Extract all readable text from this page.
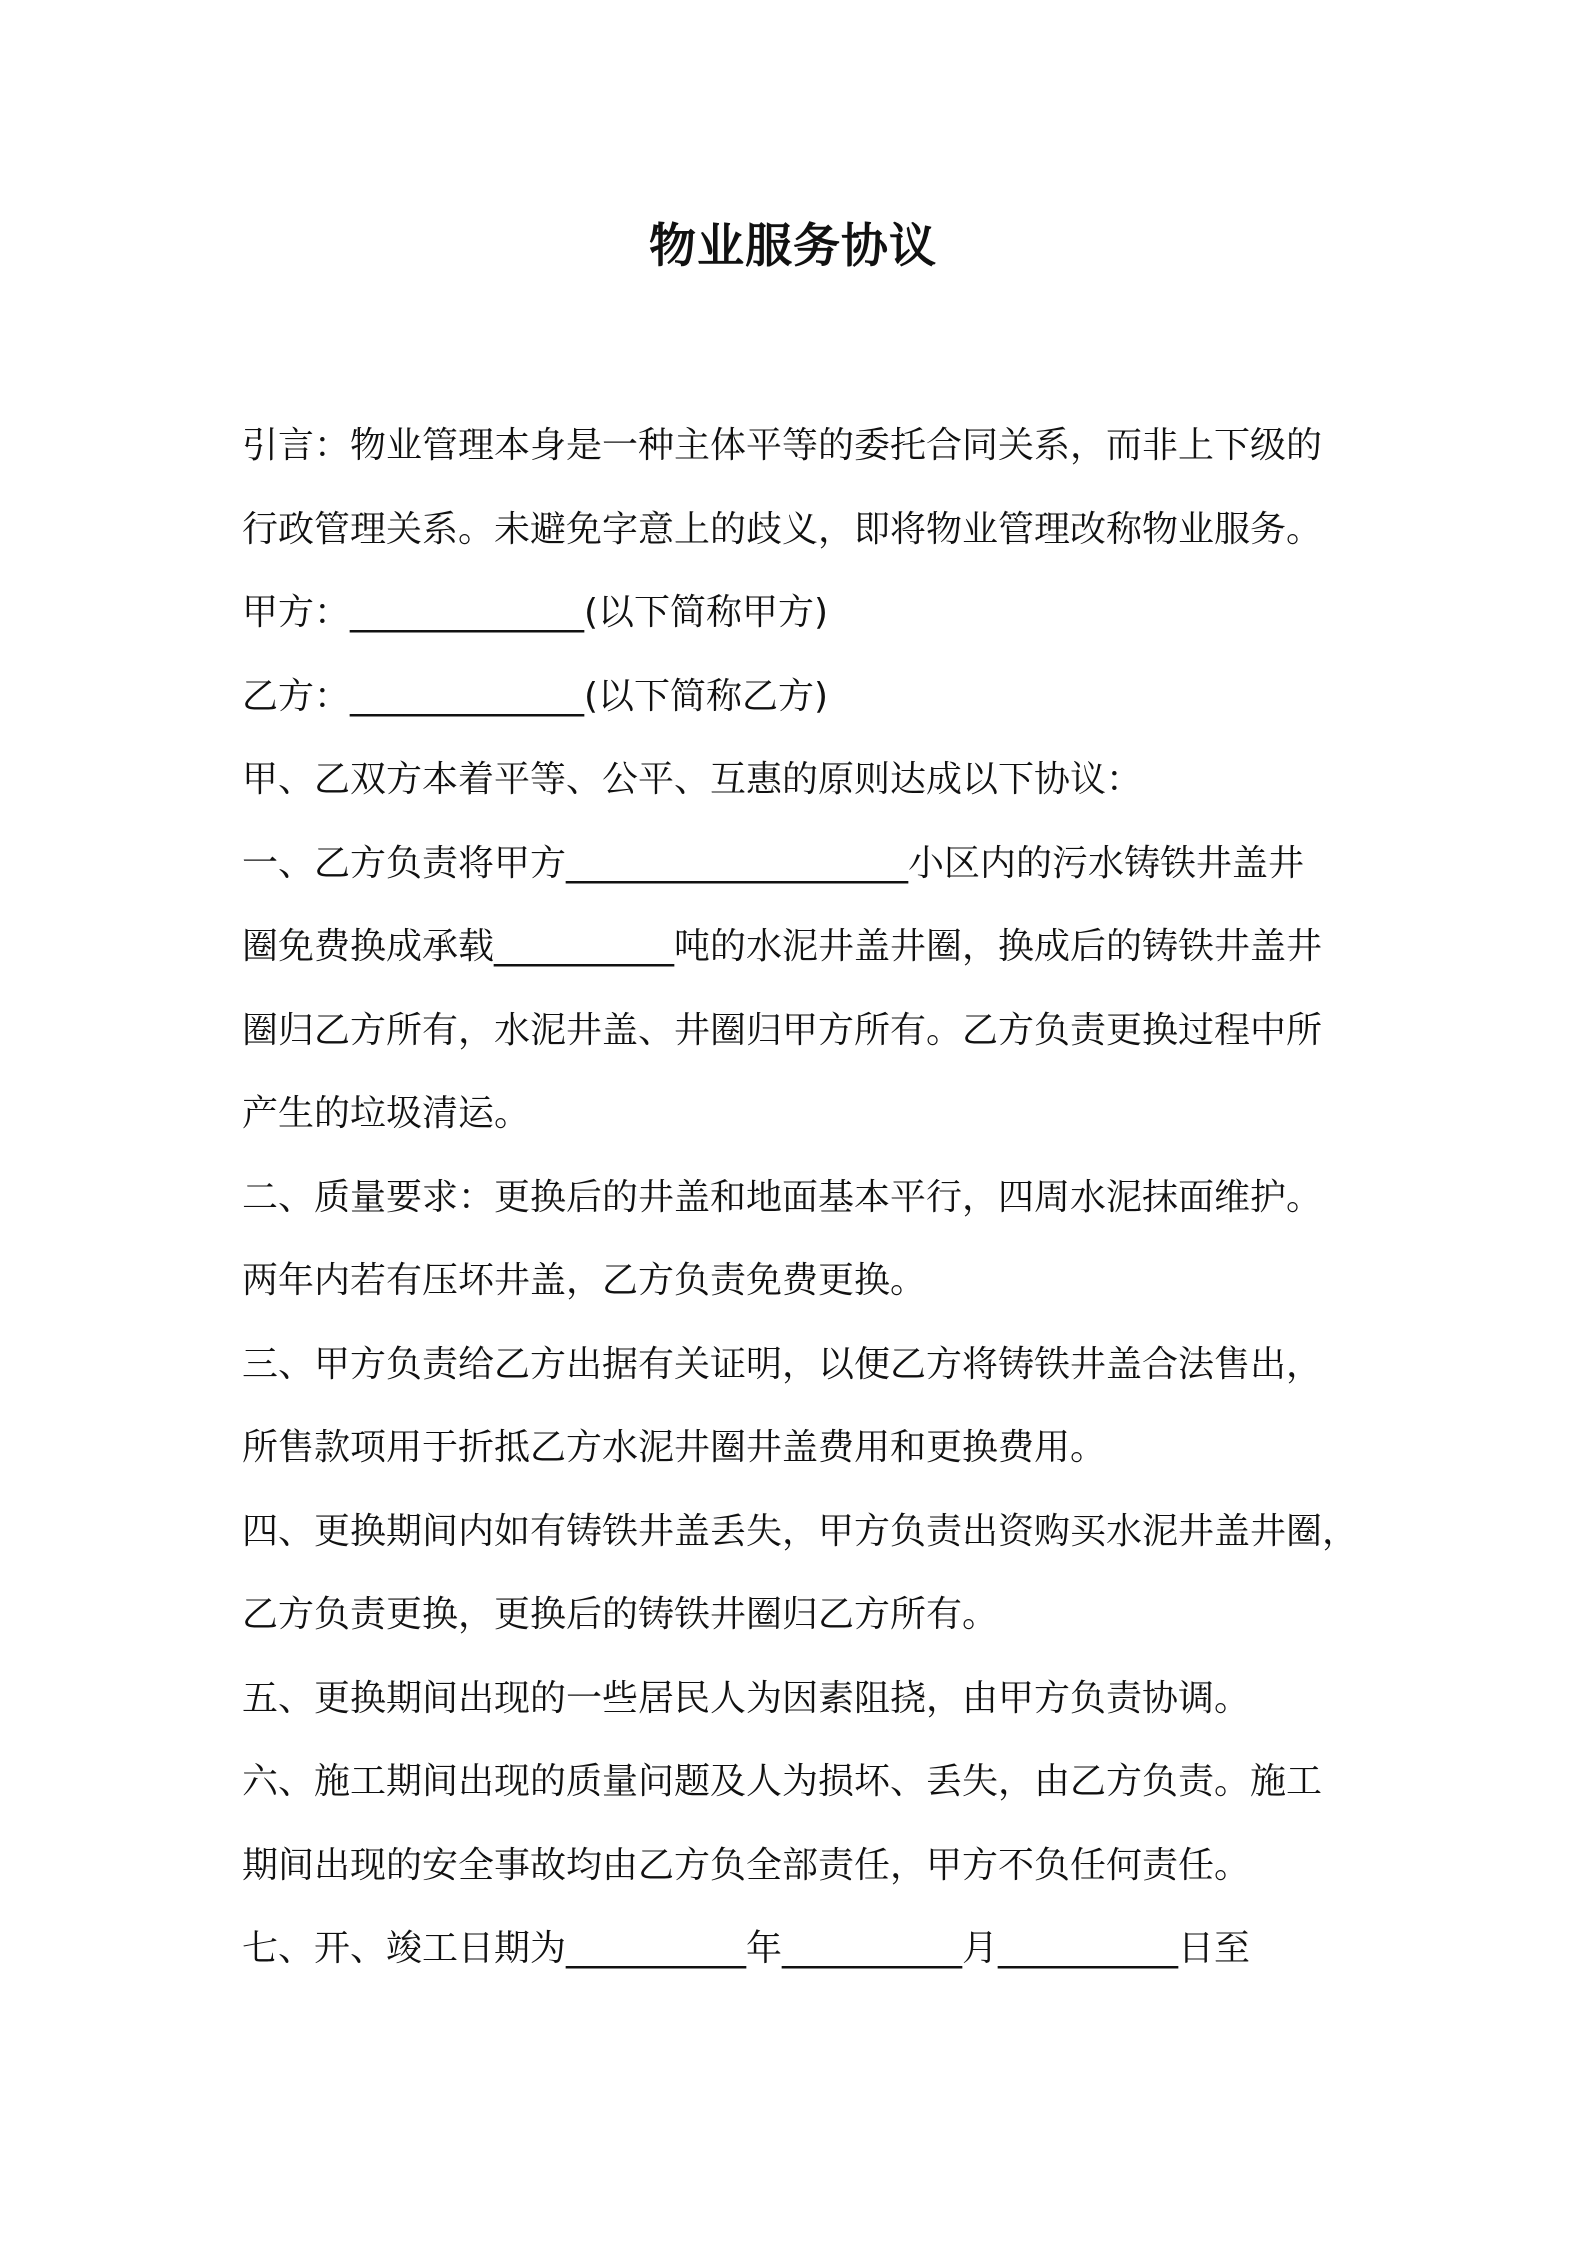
物业服务协议

引言：物业管理本身是一种主体平等的委托合同关系，而非上下级的

行政管理关系。未避免字意上的歧义，即将物业管理改称物业服务。

甲方：_____________(以下简称甲方)

乙方：_____________(以下简称乙方)

甲、乙双方本着平等、公平、互惠的原则达成以下协议：

一、乙方负责将甲方___________________小区内的污水铸铁井盖井

圈免费换成承载__________吨的水泥井盖井圈，换成后的铸铁井盖井

圈归乙方所有，水泥井盖、井圈归甲方所有。乙方负责更换过程中所

产生的垃圾清运。

二、质量要求：更换后的井盖和地面基本平行，四周水泥抹面维护。

两年内若有压坏井盖，乙方负责免费更换。

三、甲方负责给乙方出据有关证明，以便乙方将铸铁井盖合法售出，

所售款项用于折抵乙方水泥井圈井盖费用和更换费用。

四、更换期间内如有铸铁井盖丢失，甲方负责出资购买水泥井盖井圈，

乙方负责更换，更换后的铸铁井圈归乙方所有。

五、更换期间出现的一些居民人为因素阻挠，由甲方负责协调。

六、施工期间出现的质量问题及人为损坏、丢失，由乙方负责。施工

期间出现的安全事故均由乙方负全部责任，甲方不负任何责任。

七、开、竣工日期为__________年__________月__________日至
